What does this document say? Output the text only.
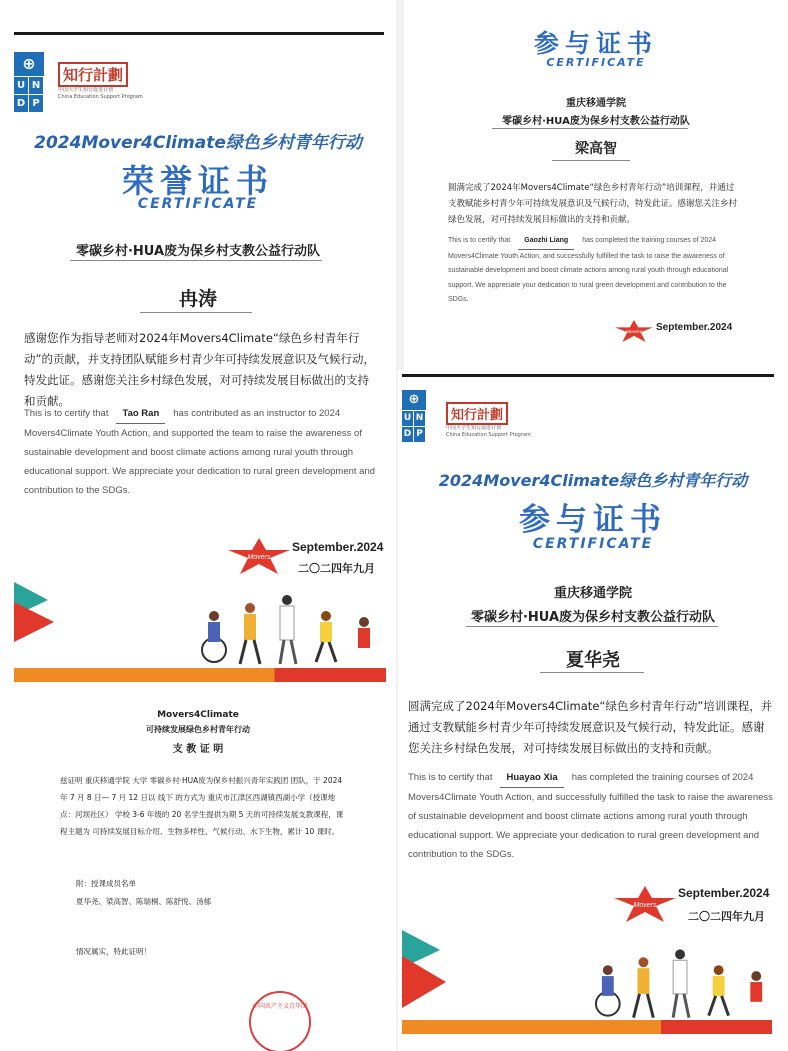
⊕
U N
D P
知行計劃
中国大学生知行促进计划
China Education Support Program
2024Mover4Climate绿色乡村青年行动
荣誉证书
CERTIFICATE
零碳乡村·HUA废为保乡村支教公益行动队
冉涛
感谢您作为指导老师对2024年Movers4Climate“绿色乡村青年行动”的贡献，并支持团队赋能乡村青少年可持续发展意识及气候行动，特发此证。感谢您关注乡村绿色发展，对可持续发展目标做出的支持和贡献。
This is to certify that Tao Ran has contributed as an instructor to 2024 Movers4Climate Youth Action, and supported the team to raise the awareness of sustainable development and boost climate actions among rural youth through educational support. We appreciate your dedication to rural green development and contribution to the SDGs.
Movers
September.2024
二〇二四年九月
参与证书
CERTIFICATE
重庆移通学院
零碳乡村·HUA废为保乡村支教公益行动队
梁高智
圆满完成了2024年Movers4Climate“绿色乡村青年行动”培训课程，并通过支教赋能乡村青少年可持续发展意识及气候行动，特发此证。感谢您关注乡村绿色发展，对可持续发展目标做出的支持和贡献。
This is to certify that Gaozhi Liang has completed the training courses of 2024 Movers4Climate Youth Action, and successfully fulfilled the task to raise the awareness of sustainable development and boost climate actions among rural youth through educational support. We appreciate your dedication to rural green development and contribution to the SDGs.
Movers September.2024
Movers4Climate
可持续发展绿色乡村青年行动
支 教 证 明
兹证明 重庆移通学院 大学 零碳乡村·HUA废为保乡村振兴青年实践团 团队，于 2024 年 7 月 8 日— 7 月 12 日以 线下 的方式为 重庆市江津区西湖镇西湖小学（授课地点：河坝社区） 学校 3-6 年级的 20 名学生提供为期 5 天的可持续发展支教课程，课程主题为 可持续发展目标介绍、生物多样性、气候行动、水下生物，累计 10 课时。
附：授课成员名单
夏华尧、梁高智、陈瑞桐、陈舒悦、汤郁
情况属实，特此证明！
中国共产主义青年团
⊕
U N
D P
知行計劃
中国大学生知行促进计划
China Education Support Program
2024Mover4Climate绿色乡村青年行动
参与证书
CERTIFICATE
重庆移通学院
零碳乡村·HUA废为保乡村支教公益行动队
夏华尧
圆满完成了2024年Movers4Climate“绿色乡村青年行动”培训课程，并通过支教赋能乡村青少年可持续发展意识及气候行动，特发此证。感谢您关注乡村绿色发展，对可持续发展目标做出的支持和贡献。
This is to certify that Huayao Xia has completed the training courses of 2024 Movers4Climate Youth Action, and successfully fulfilled the task to raise the awareness of sustainable development and boost climate actions among rural youth through educational support. We appreciate your dedication to rural green development and contribution to the SDGs.
Movers
September.2024
二〇二四年九月
